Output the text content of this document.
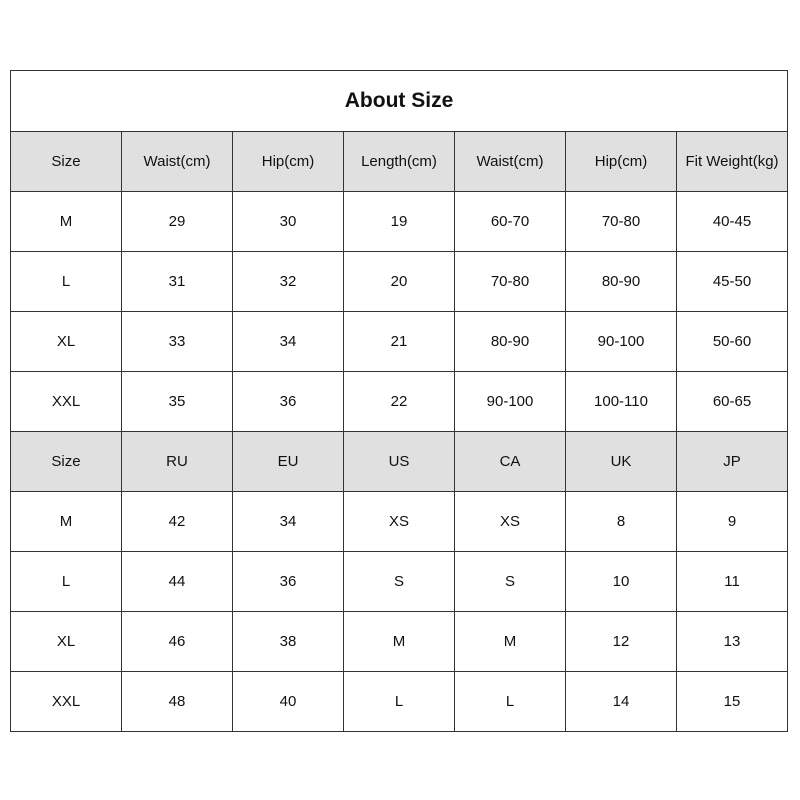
About Size						
Size	Waist(cm)	Hip(cm)	Length(cm)	Waist(cm)	Hip(cm)	Fit Weight(kg)
M	29	30	19	60-70	70-80	40-45
L	31	32	20	70-80	80-90	45-50
XL	33	34	21	80-90	90-100	50-60
XXL	35	36	22	90-100	100-110	60-65
Size	RU	EU	US	CA	UK	JP
M	42	34	XS	XS	8	9
L	44	36	S	S	10	11
XL	46	38	M	M	12	13
XXL	48	40	L	L	14	15
